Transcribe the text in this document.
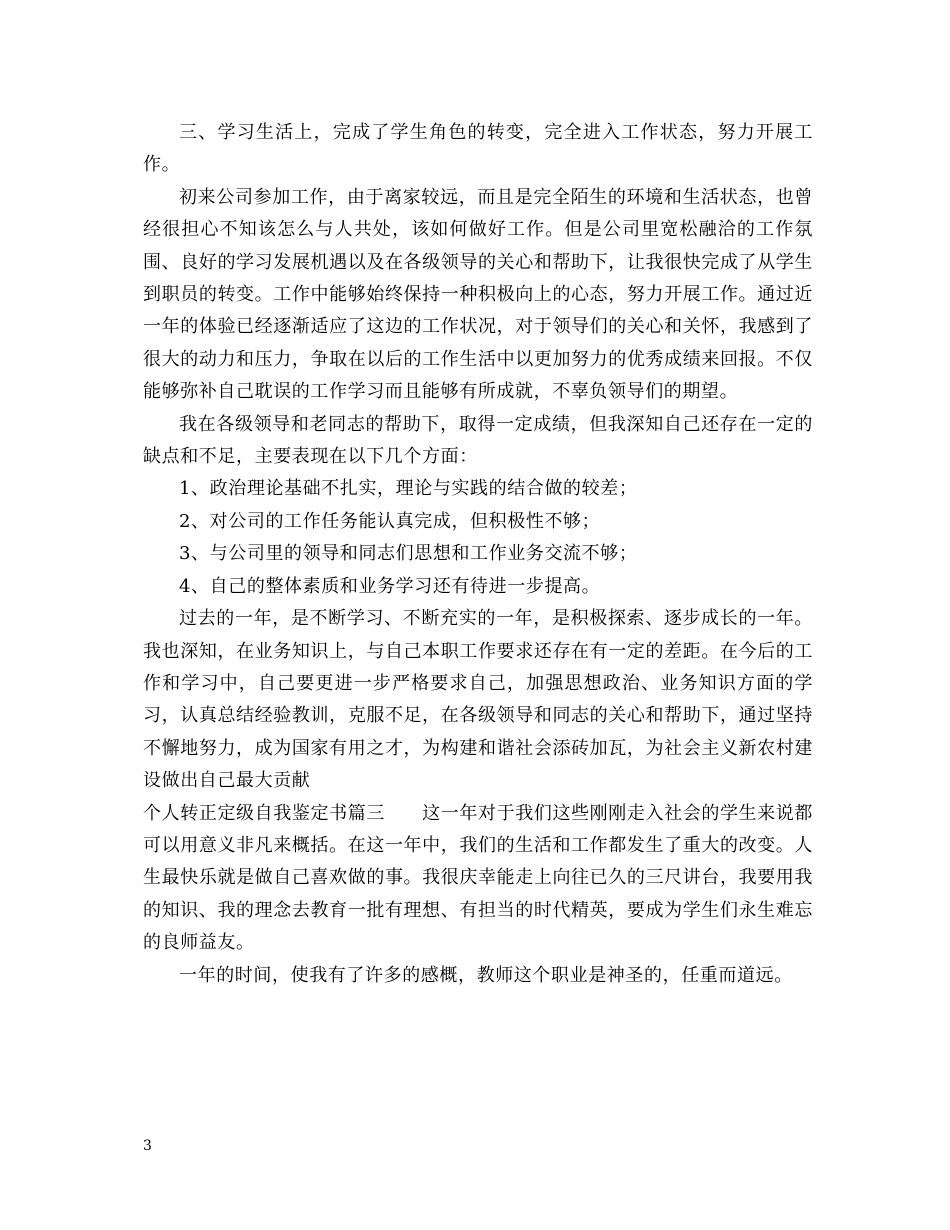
三、学习生活上，完成了学生角色的转变，完全进入工作状态，努力开展工作。

初来公司参加工作，由于离家较远，而且是完全陌生的环境和生活状态，也曾经很担心不知该怎么与人共处，该如何做好工作。但是公司里宽松融洽的工作氛围、良好的学习发展机遇以及在各级领导的关心和帮助下，让我很快完成了从学生到职员的转变。工作中能够始终保持一种积极向上的心态，努力开展工作。通过近一年的体验已经逐渐适应了这边的工作状况，对于领导们的关心和关怀，我感到了很大的动力和压力，争取在以后的工作生活中以更加努力的优秀成绩来回报。不仅能够弥补自己耽误的工作学习而且能够有所成就，不辜负领导们的期望。

我在各级领导和老同志的帮助下，取得一定成绩，但我深知自己还存在一定的缺点和不足，主要表现在以下几个方面：

1、政治理论基础不扎实，理论与实践的结合做的较差；

2、对公司的工作任务能认真完成，但积极性不够；

3、与公司里的领导和同志们思想和工作业务交流不够；

4、自己的整体素质和业务学习还有待进一步提高。

过去的一年，是不断学习、不断充实的一年，是积极探索、逐步成长的一年。我也深知，在业务知识上，与自己本职工作要求还存在有一定的差距。在今后的工作和学习中，自己要更进一步严格要求自己，加强思想政治、业务知识方面的学习，认真总结经验教训，克服不足，在各级领导和同志的关心和帮助下，通过坚持不懈地努力，成为国家有用之才，为构建和谐社会添砖加瓦，为社会主义新农村建设做出自己最大贡献

个人转正定级自我鉴定书篇三　　这一年对于我们这些刚刚走入社会的学生来说都可以用意义非凡来概括。在这一年中，我们的生活和工作都发生了重大的改变。人生最快乐就是做自己喜欢做的事。我很庆幸能走上向往已久的三尺讲台，我要用我的知识、我的理念去教育一批有理想、有担当的时代精英，要成为学生们永生难忘的良师益友。

一年的时间，使我有了许多的感概，教师这个职业是神圣的，任重而道远。

3
